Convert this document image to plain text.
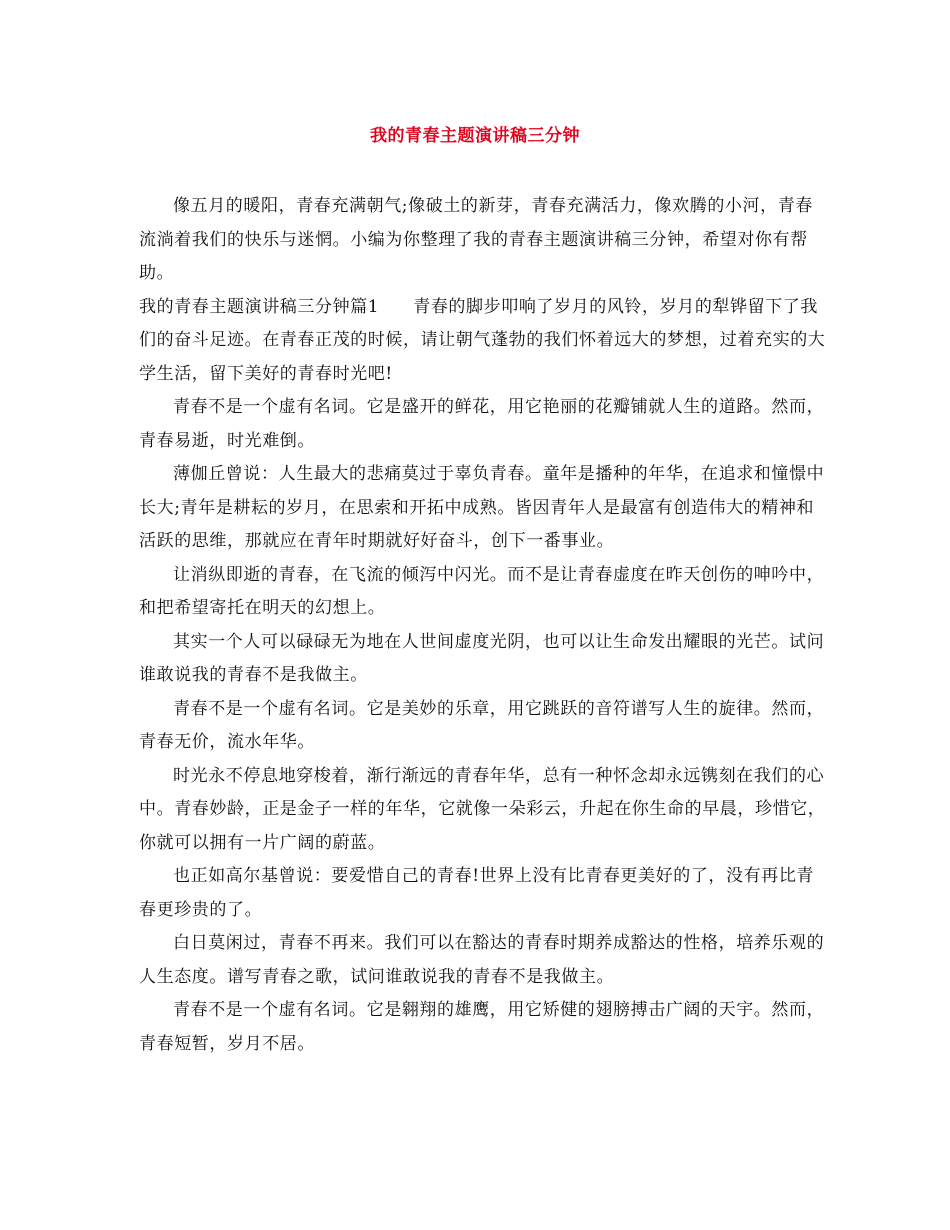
我的青春主题演讲稿三分钟

像五月的暖阳，青春充满朝气;像破土的新芽，青春充满活力，像欢腾的小河，青春流淌着我们的快乐与迷惘。小编为你整理了我的青春主题演讲稿三分钟，希望对你有帮助。

我的青春主题演讲稿三分钟篇1 青春的脚步叩响了岁月的风铃，岁月的犁铧留下了我们的奋斗足迹。在青春正茂的时候，请让朝气蓬勃的我们怀着远大的梦想，过着充实的大学生活，留下美好的青春时光吧!

青春不是一个虚有名词。它是盛开的鲜花，用它艳丽的花瓣铺就人生的道路。然而，青春易逝，时光难倒。

薄伽丘曾说：人生最大的悲痛莫过于辜负青春。童年是播种的年华，在追求和憧憬中长大;青年是耕耘的岁月，在思索和开拓中成熟。皆因青年人是最富有创造伟大的精神和活跃的思维，那就应在青年时期就好好奋斗，创下一番事业。

让消纵即逝的青春，在飞流的倾泻中闪光。而不是让青春虚度在昨天创伤的呻吟中，和把希望寄托在明天的幻想上。

其实一个人可以碌碌无为地在人世间虚度光阴，也可以让生命发出耀眼的光芒。试问谁敢说我的青春不是我做主。

青春不是一个虚有名词。它是美妙的乐章，用它跳跃的音符谱写人生的旋律。然而，青春无价，流水年华。

时光永不停息地穿梭着，渐行渐远的青春年华，总有一种怀念却永远镌刻在我们的心中。青春妙龄，正是金子一样的年华，它就像一朵彩云，升起在你生命的早晨，珍惜它，你就可以拥有一片广阔的蔚蓝。

也正如高尔基曾说：要爱惜自己的青春!世界上没有比青春更美好的了，没有再比青春更珍贵的了。

白日莫闲过，青春不再来。我们可以在豁达的青春时期养成豁达的性格，培养乐观的人生态度。谱写青春之歌，试问谁敢说我的青春不是我做主。

青春不是一个虚有名词。它是翱翔的雄鹰，用它矫健的翅膀搏击广阔的天宇。然而，青春短暂，岁月不居。
